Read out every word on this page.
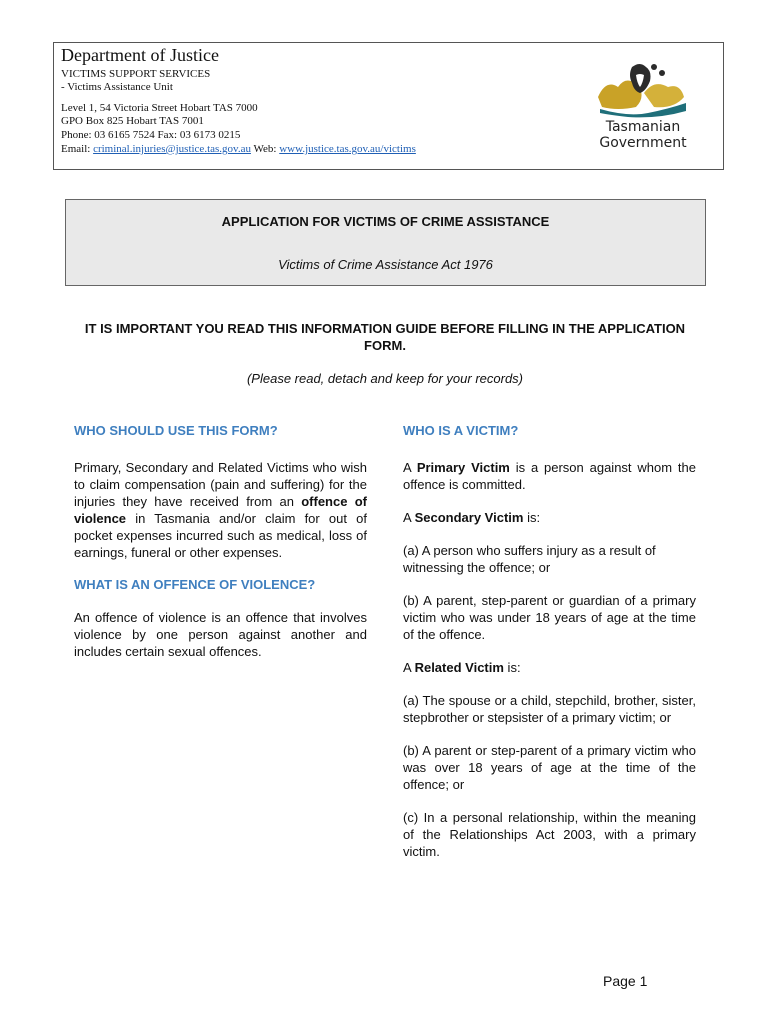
Department of Justice
VICTIMS SUPPORT SERVICES
- Victims Assistance Unit
Level 1, 54 Victoria Street Hobart TAS 7000
GPO Box 825 Hobart TAS 7001
Phone: 03 6165 7524 Fax: 03 6173 0215
Email: criminal.injuries@justice.tas.gov.au Web: www.justice.tas.gov.au/victims
Tasmanian
Government
APPLICATION FOR VICTIMS OF CRIME ASSISTANCE
Victims of Crime Assistance Act 1976
IT IS IMPORTANT YOU READ THIS INFORMATION GUIDE BEFORE FILLING IN THE APPLICATION FORM.
(Please read, detach and keep for your records)
WHO SHOULD USE THIS FORM?

Primary, Secondary and Related Victims who wish to claim compensation (pain and suffering) for the injuries they have received from an offence of violence in Tasmania and/or claim for out of pocket expenses incurred such as medical, loss of earnings, funeral or other expenses.

WHAT IS AN OFFENCE OF VIOLENCE?

An offence of violence is an offence that involves violence by one person against another and includes certain sexual offences.

WHO IS A VICTIM?

A Primary Victim is a person against whom the offence is committed.

A Secondary Victim is:

(a) A person who suffers injury as a result of witnessing the offence; or

(b) A parent, step-parent or guardian of a primary victim who was under 18 years of age at the time of the offence.

A Related Victim is:

(a) The spouse or a child, stepchild, brother, sister, stepbrother or stepsister of a primary victim; or

(b) A parent or step-parent of a primary victim who was over 18 years of age at the time of the offence; or

(c) In a personal relationship, within the meaning of the Relationships Act 2003, with a primary victim.

Page 1
